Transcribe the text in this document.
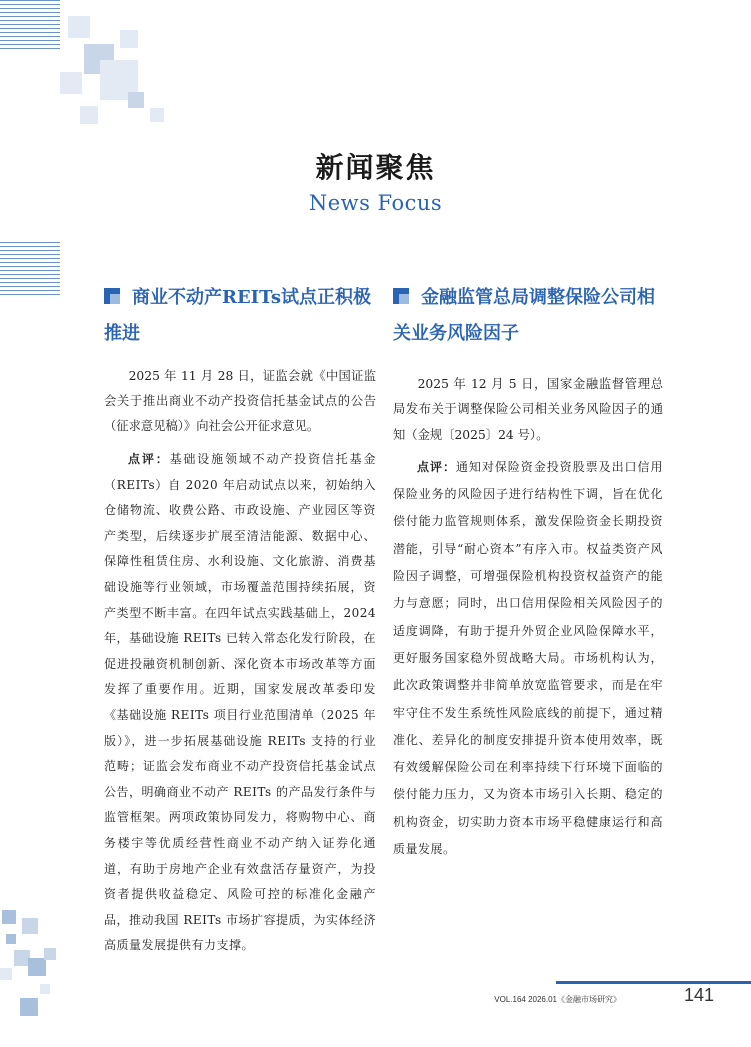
新闻聚焦
News Focus
商业不动产REITs试点正积极推进

2025 年 11 月 28 日，证监会就《中国证监会关于推出商业不动产投资信托基金试点的公告（征求意见稿）》向社会公开征求意见。

点评：基础设施领域不动产投资信托基金（REITs）自 2020 年启动试点以来，初始纳入仓储物流、收费公路、市政设施、产业园区等资产类型，后续逐步扩展至清洁能源、数据中心、保障性租赁住房、水利设施、文化旅游、消费基础设施等行业领域，市场覆盖范围持续拓展，资产类型不断丰富。在四年试点实践基础上，2024 年，基础设施 REITs 已转入常态化发行阶段，在促进投融资机制创新、深化资本市场改革等方面发挥了重要作用。近期，国家发展改革委印发《基础设施 REITs 项目行业范围清单（2025 年版）》，进一步拓展基础设施 REITs 支持的行业范畴；证监会发布商业不动产投资信托基金试点公告，明确商业不动产 REITs 的产品发行条件与监管框架。两项政策协同发力，将购物中心、商务楼宇等优质经营性商业不动产纳入证券化通道，有助于房地产企业有效盘活存量资产，为投资者提供收益稳定、风险可控的标准化金融产品，推动我国 REITs 市场扩容提质，为实体经济高质量发展提供有力支撑。

金融监管总局调整保险公司相关业务风险因子

2025 年 12 月 5 日，国家金融监督管理总局发布关于调整保险公司相关业务风险因子的通知（金规〔2025〕24 号）。

点评：通知对保险资金投资股票及出口信用保险业务的风险因子进行结构性下调，旨在优化偿付能力监管规则体系，激发保险资金长期投资潜能，引导“耐心资本”有序入市。权益类资产风险因子调整，可增强保险机构投资权益资产的能力与意愿；同时，出口信用保险相关风险因子的适度调降，有助于提升外贸企业风险保障水平，更好服务国家稳外贸战略大局。市场机构认为，此次政策调整并非简单放宽监管要求，而是在牢牢守住不发生系统性风险底线的前提下，通过精准化、差异化的制度安排提升资本使用效率，既有效缓解保险公司在利率持续下行环境下面临的偿付能力压力，又为资本市场引入长期、稳定的机构资金，切实助力资本市场平稳健康运行和高质量发展。

VOL.164 2026.01《金融市场研究》	141
